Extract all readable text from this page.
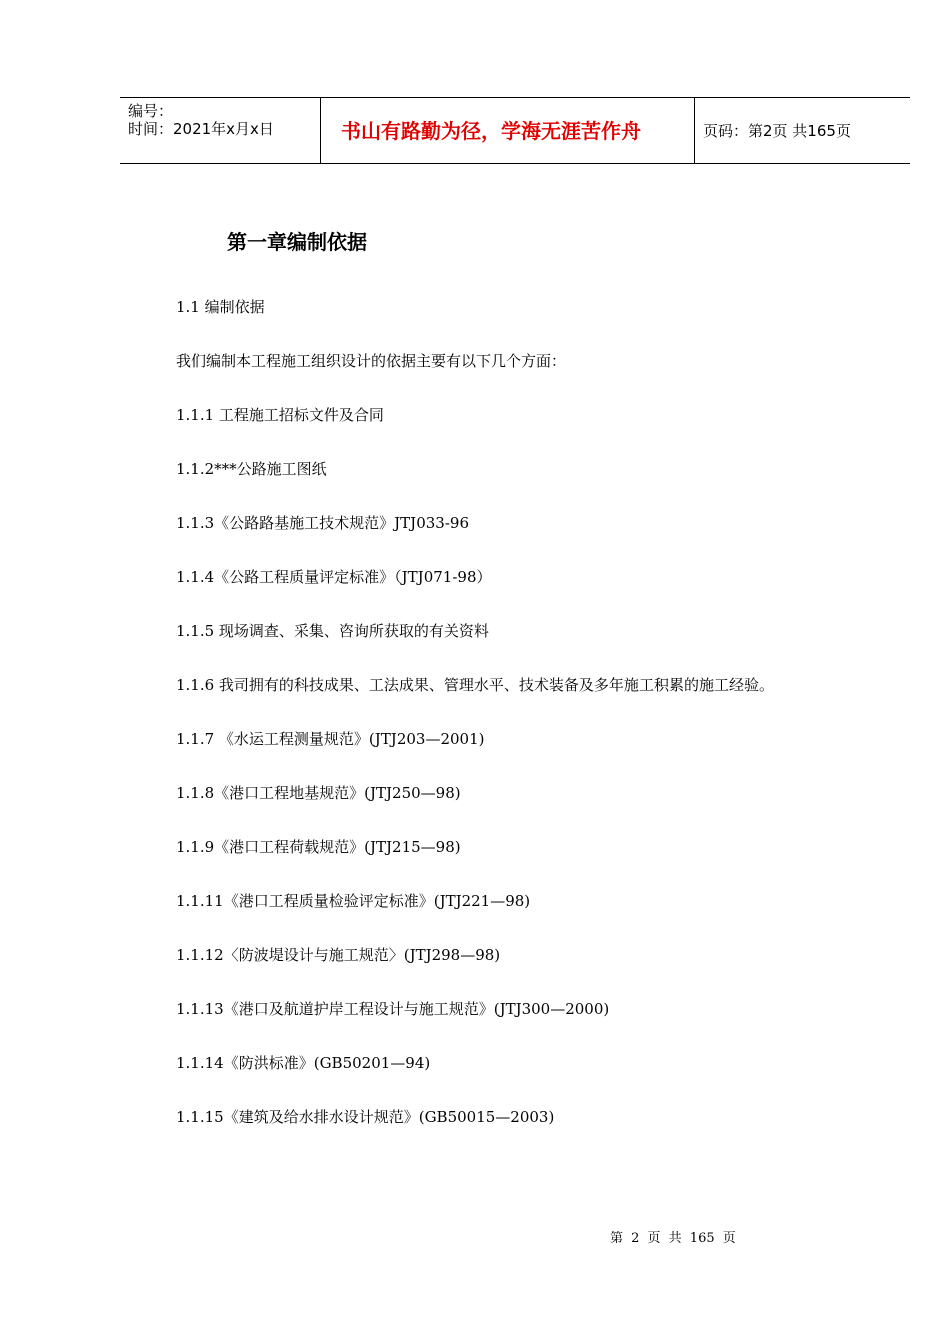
编号：
时间：2021年x月x日	书山有路勤为径，学海无涯苦作舟	页码：第2页 共165页
第一章编制依据
1.1 编制依据
我们编制本工程施工组织设计的依据主要有以下几个方面：
1.1.1 工程施工招标文件及合同
1.1.2***公路施工图纸
1.1.3《公路路基施工技术规范》JTJ033-96
1.1.4《公路工程质量评定标准》（JTJ071-98）
1.1.5 现场调查、采集、咨询所获取的有关资料
1.1.6 我司拥有的科技成果、工法成果、管理水平、技术装备及多年施工积累的施工经验。
1.1.7 《水运工程测量规范》(JTJ203—2001)
1.1.8《港口工程地基规范》(JTJ250—98)
1.1.9《港口工程荷载规范》(JTJ215—98)
1.1.11《港口工程质量检验评定标准》(JTJ221—98)
1.1.12〈防波堤设计与施工规范〉(JTJ298—98)
1.1.13《港口及航道护岸工程设计与施工规范》(JTJ300—2000)
1.1.14《防洪标准》(GB50201—94)
1.1.15《建筑及给水排水设计规范》(GB50015—2003)
第 2 页 共 165 页
